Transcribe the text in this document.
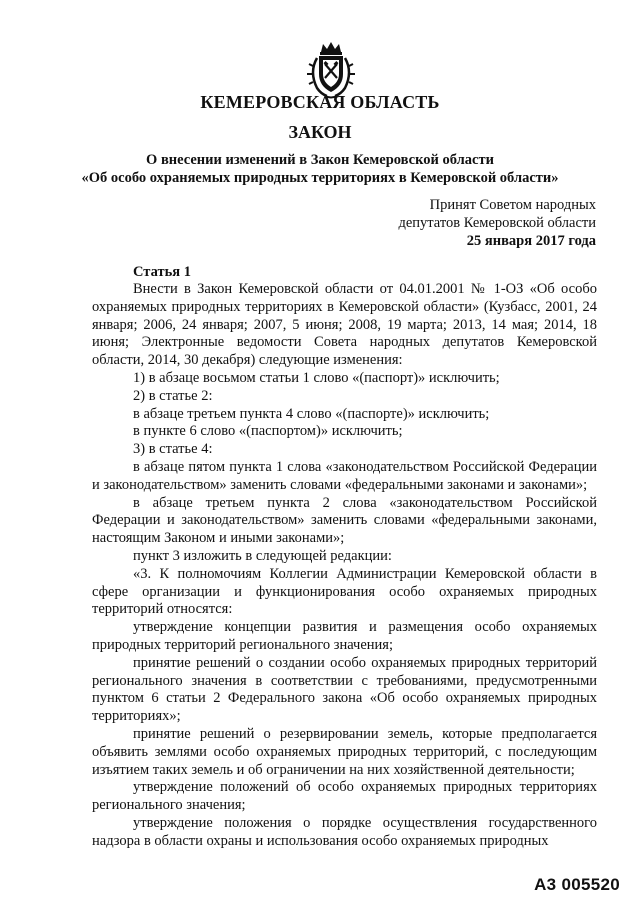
КЕМЕРОВСКАЯ ОБЛАСТЬ
ЗАКОН
О внесении изменений в Закон Кемеровской области
«Об особо охраняемых природных территориях в Кемеровской области»
Принят Советом народных
депутатов Кемеровской области
25 января 2017 года
Статья 1

Внести в Закон Кемеровской области от 04.01.2001 № 1-ОЗ «Об особо охраняемых природных территориях в Кемеровской области» (Кузбасс, 2001, 24 января; 2006, 24 января; 2007, 5 июня; 2008, 19 марта; 2013, 14 мая; 2014, 18 июня; Электронные ведомости Совета народных депутатов Кемеровской области, 2014, 30 декабря) следующие изменения:

1) в абзаце восьмом статьи 1 слово «(паспорт)» исключить;

2) в статье 2:

в абзаце третьем пункта 4 слово «(паспорте)» исключить;

в пункте 6 слово «(паспортом)» исключить;

3) в статье 4:

в абзаце пятом пункта 1 слова «законодательством Российской Федерации и законодательством» заменить словами «федеральными законами и законами»;

в абзаце третьем пункта 2 слова «законодательством Российской Федерации и законодательством» заменить словами «федеральными законами, настоящим Законом и иными законами»;

пункт 3 изложить в следующей редакции:

«3. К полномочиям Коллегии Администрации Кемеровской области в сфере организации и функционирования особо охраняемых природных территорий относятся:

утверждение концепции развития и размещения особо охраняемых природных территорий регионального значения;

принятие решений о создании особо охраняемых природных территорий регионального значения в соответствии с требованиями, предусмотренными пунктом 6 статьи 2 Федерального закона «Об особо охраняемых природных территориях»;

принятие решений о резервировании земель, которые предполагается объявить землями особо охраняемых природных территорий, с последующим изъятием таких земель и об ограничении на них хозяйственной деятельности;

утверждение положений об особо охраняемых природных территориях регионального значения;

утверждение положения о порядке осуществления государственного надзора в области охраны и использования особо охраняемых природных

А3 005520
